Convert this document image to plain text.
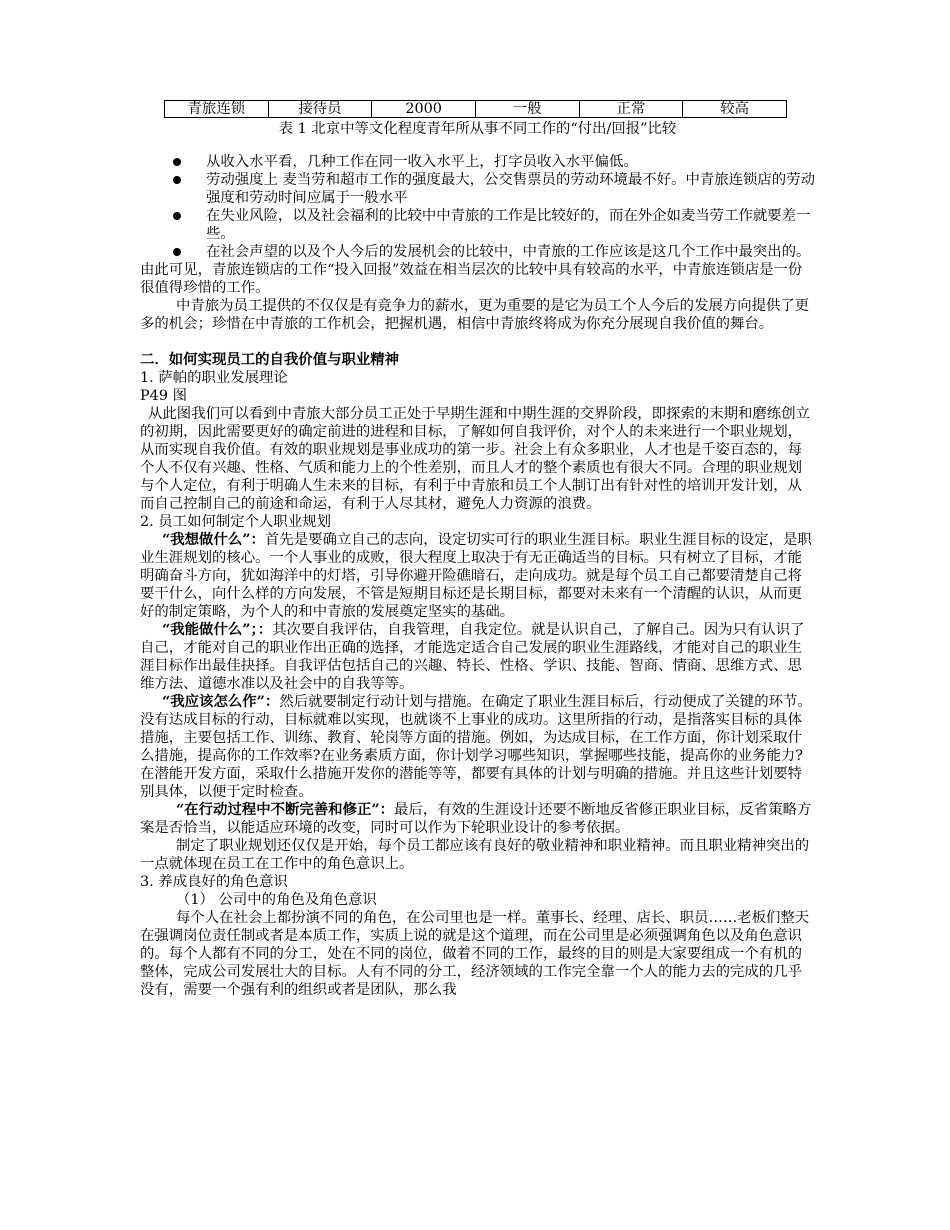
青旅连锁	接待员	2000	一般	正常	较高
表 1 北京中等文化程度青年所从事不同工作的“付出/回报”比较
从收入水平看，几种工作在同一收入水平上，打字员收入水平偏低。
劳动强度上 麦当劳和超市工作的强度最大，公交售票员的劳动环境最不好。中青旅连锁店的劳动强度和劳动时间应属于一般水平
在失业风险，以及社会福利的比较中中青旅的工作是比较好的，而在外企如麦当劳工作就要差一些。
在社会声望的以及个人今后的发展机会的比较中，中青旅的工作应该是这几个工作中最突出的。

由此可见，青旅连锁店的工作“投入回报”效益在相当层次的比较中具有较高的水平，中青旅连锁店是一份很值得珍惜的工作。

中青旅为员工提供的不仅仅是有竞争力的薪水，更为重要的是它为员工个人今后的发展方向提供了更多的机会；珍惜在中青旅的工作机会，把握机遇，相信中青旅终将成为你充分展现自我价值的舞台。

二．如何实现员工的自我价值与职业精神

1. 萨帕的职业发展理论

P49 图

从此图我们可以看到中青旅大部分员工正处于早期生涯和中期生涯的交界阶段，即探索的末期和磨练创立的初期，因此需要更好的确定前进的进程和目标，了解如何自我评价，对个人的未来进行一个职业规划，从而实现自我价值。有效的职业规划是事业成功的第一步。社会上有众多职业，人才也是千姿百态的，每个人不仅有兴趣、性格、气质和能力上的个性差别，而且人才的整个素质也有很大不同。合理的职业规划与个人定位，有利于明确人生未来的目标，有利于中青旅和员工个人制订出有针对性的培训开发计划，从而自己控制自己的前途和命运，有利于人尽其材，避免人力资源的浪费。

2. 员工如何制定个人职业规划

“我想做什么”：首先是要确立自己的志向，设定切实可行的职业生涯目标。职业生涯目标的设定，是职业生涯规划的核心。一个人事业的成败，很大程度上取决于有无正确适当的目标。只有树立了目标，才能明确奋斗方向，犹如海洋中的灯塔，引导你避开险礁暗石，走向成功。就是每个员工自己都要清楚自己将要干什么，向什么样的方向发展，不管是短期目标还是长期目标，都要对未来有一个清醒的认识，从而更好的制定策略，为个人的和中青旅的发展奠定坚实的基础。

“我能做什么”；：其次要自我评估，自我管理，自我定位。就是认识自己，了解自己。因为只有认识了自己，才能对自己的职业作出正确的选择，才能选定适合自己发展的职业生涯路线，才能对自己的职业生涯目标作出最佳抉择。自我评估包括自己的兴趣、特长、性格、学识、技能、智商、情商、思维方式、思维方法、道德水准以及社会中的自我等等。

“我应该怎么作”：然后就要制定行动计划与措施。在确定了职业生涯目标后，行动便成了关键的环节。没有达成目标的行动，目标就难以实现，也就谈不上事业的成功。这里所指的行动，是指落实目标的具体措施，主要包括工作、训练、教育、轮岗等方面的措施。例如，为达成目标，在工作方面，你计划采取什么措施，提高你的工作效率?在业务素质方面，你计划学习哪些知识，掌握哪些技能，提高你的业务能力?在潜能开发方面，采取什么措施开发你的潜能等等，都要有具体的计划与明确的措施。并且这些计划要特别具体，以便于定时检查。

“在行动过程中不断完善和修正”：最后，有效的生涯设计还要不断地反省修正职业目标，反省策略方案是否恰当，以能适应环境的改变，同时可以作为下轮职业设计的参考依据。

制定了职业规划还仅仅是开始，每个员工都应该有良好的敬业精神和职业精神。而且职业精神突出的一点就体现在员工在工作中的角色意识上。

3. 养成良好的角色意识

（1） 公司中的角色及角色意识

每个人在社会上都扮演不同的角色，在公司里也是一样。董事长、经理、店长、职员……老板们整天在强调岗位责任制或者是本质工作，实质上说的就是这个道理，而在公司里是必须强调角色以及角色意识的。每个人都有不同的分工，处在不同的岗位，做着不同的工作，最终的目的则是大家要组成一个有机的整体，完成公司发展壮大的目标。人有不同的分工，经济领域的工作完全靠一个人的能力去的完成的几乎没有，需要一个强有利的组织或者是团队，那么我
